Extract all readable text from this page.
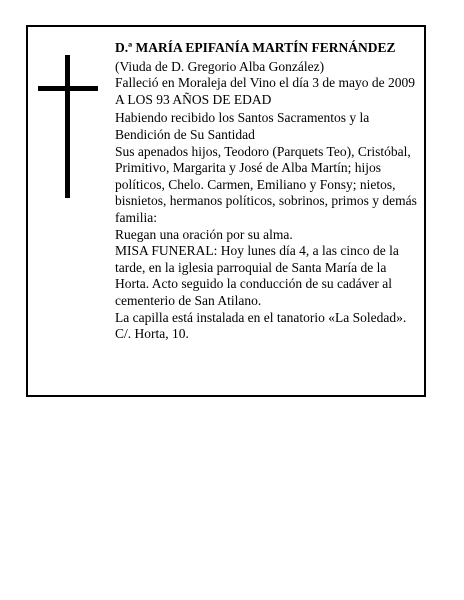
D.ª MARÍA EPIFANÍA MARTÍN FERNÁNDEZ

(Viuda de D. Gregorio Alba González)

Falleció en Moraleja del Vino el día 3 de mayo de 2009

A LOS 93 AÑOS DE EDAD

Habiendo recibido los Santos Sacramentos y la Bendición de Su Santidad

Sus apenados hijos, Teodoro (Parquets Teo), Cristóbal, Primitivo, Margarita y José de Alba Martín; hijos políticos, Chelo. Carmen, Emiliano y Fonsy; nietos, bisnietos, hermanos políticos, sobrinos, primos y demás familia:

Ruegan una oración por su alma.

MISA FUNERAL: Hoy lunes día 4, a las cinco de la tarde, en la iglesia parroquial de Santa María de la Horta. Acto seguido la conducción de su cadáver al cementerio de San Atilano.

La capilla está instalada en el tanatorio «La Soledad». C/. Horta, 10.
